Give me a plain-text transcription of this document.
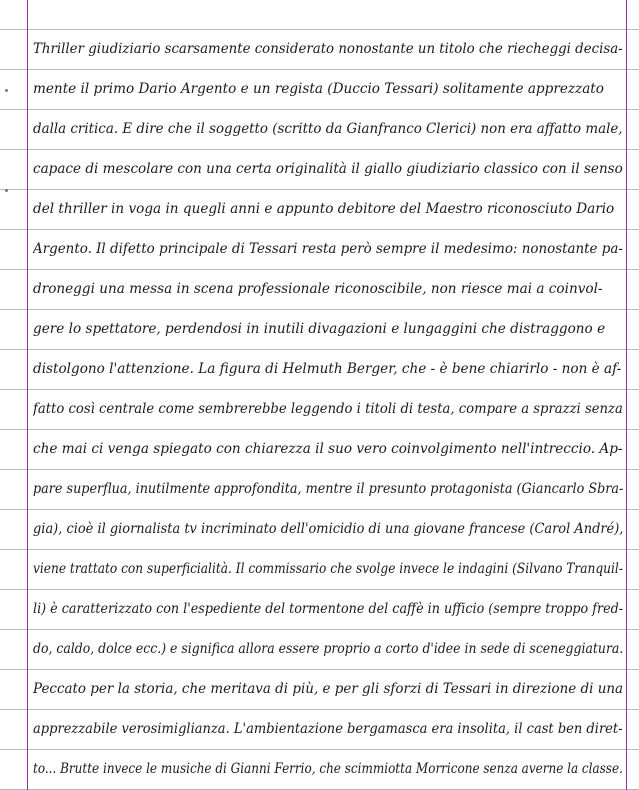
Thriller giudiziario scarsamente considerato nonostante un titolo che riecheggi decisa-
mente il primo Dario Argento e un regista (Duccio Tessari) solitamente apprezzato
dalla critica. E dire che il soggetto (scritto da Gianfranco Clerici) non era affatto male,
capace di mescolare con una certa originalità il giallo giudiziario classico con il senso
del thriller in voga in quegli anni e appunto debitore del Maestro riconosciuto Dario
Argento. Il difetto principale di Tessari resta però sempre il medesimo: nonostante pa-
droneggi una messa in scena professionale riconoscibile, non riesce mai a coinvol-
gere lo spettatore, perdendosi in inutili divagazioni e lungaggini che distraggono e
distolgono l'attenzione. La figura di Helmuth Berger, che - è bene chiarirlo - non è af-
fatto così centrale come sembrerebbe leggendo i titoli di testa, compare a sprazzi senza
che mai ci venga spiegato con chiarezza il suo vero coinvolgimento nell'intreccio. Ap-
pare superflua, inutilmente approfondita, mentre il presunto protagonista (Giancarlo Sbra-
gia), cioè il giornalista tv incriminato dell'omicidio di una giovane francese (Carol André),
viene trattato con superficialità. Il commissario che svolge invece le indagini (Silvano Tranquil-
li) è caratterizzato con l'espediente del tormentone del caffè in ufficio (sempre troppo fred-
do, caldo, dolce ecc.) e significa allora essere proprio a corto d'idee in sede di sceneggiatura.
Peccato per la storia, che meritava di più, e per gli sforzi di Tessari in direzione di una
apprezzabile verosimiglianza. L'ambientazione bergamasca era insolita, il cast ben diret-
to... Brutte invece le musiche di Gianni Ferrio, che scimmiotta Morricone senza averne la classe.
